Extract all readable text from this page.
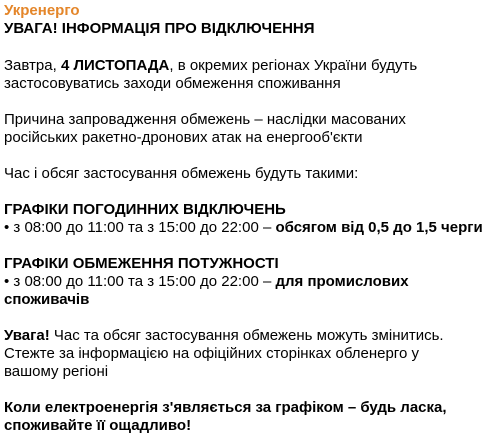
Укренерго
УВАГА! ІНФОРМАЦІЯ ПРО ВІДКЛЮЧЕННЯ
Завтра, 4 ЛИСТОПАДА, в окремих регіонах України будуть
застосовуватись заходи обмеження споживання
Причина запровадження обмежень – наслідки масованих
російських ракетно-дронових атак на енергооб'єкти
Час і обсяг застосування обмежень будуть такими:
ГРАФІКИ ПОГОДИННИХ ВІДКЛЮЧЕНЬ
• з 08:00 до 11:00 та з 15:00 до 22:00 – обсягом від 0,5 до 1,5 черги
ГРАФІКИ ОБМЕЖЕННЯ ПОТУЖНОСТІ
• з 08:00 до 11:00 та з 15:00 до 22:00 – для промислових
споживачів
Увага! Час та обсяг застосування обмежень можуть змінитись.
Стежте за інформацією на офіційних сторінках обленерго у
вашому регіоні
Коли електроенергія з'являється за графіком – будь ласка,
споживайте її ощадливо!
